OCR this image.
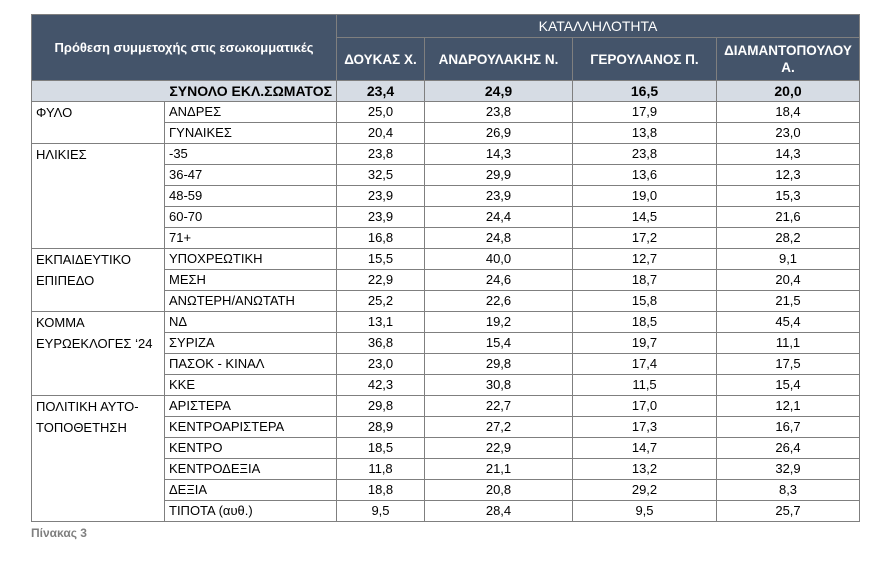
Πρόθεση συμμετοχής στις εσωκομματικές		ΚΑΤΑΛΛΗΛΟΤΗΤΑ			
		ΔΟΥΚΑΣ Χ.	ΑΝΔΡΟΥΛΑΚΗΣ Ν.	ΓΕΡΟΥΛΑΝΟΣ Π.	ΔΙΑΜΑΝΤΟΠΟΥΛΟΥ Α.
ΣΥΝΟΛΟ ΕΚΛ.ΣΩΜΑΤΟΣ		23,4	24,9	16,5	20,0
ΦΥΛΟ	ΑΝΔΡΕΣ	25,0	23,8	17,9	18,4
	ΓΥΝΑΙΚΕΣ	20,4	26,9	13,8	23,0
ΗΛΙΚΙΕΣ	-35	23,8	14,3	23,8	14,3
	36-47	32,5	29,9	13,6	12,3
	48-59	23,9	23,9	19,0	15,3
	60-70	23,9	24,4	14,5	21,6
	71+	16,8	24,8	17,2	28,2
ΕΚΠΑΙΔΕΥΤΙΚΟ ΕΠΙΠΕΔΟ	ΥΠΟΧΡΕΩΤΙΚΗ	15,5	40,0	12,7	9,1
	ΜΕΣΗ	22,9	24,6	18,7	20,4
	ΑΝΩΤΕΡΗ/ΑΝΩΤΑΤΗ	25,2	22,6	15,8	21,5
ΚΟΜΜΑ ΕΥΡΩΕΚΛΟΓΕΣ ‘24	ΝΔ	13,1	19,2	18,5	45,4
	ΣΥΡΙΖΑ	36,8	15,4	19,7	11,1
	ΠΑΣΟΚ - ΚΙΝΑΛ	23,0	29,8	17,4	17,5
	ΚΚΕ	42,3	30,8	11,5	15,4
ΠΟΛΙΤΙΚΗ ΑΥΤΟ-ΤΟΠΟΘΕΤΗΣΗ	ΑΡΙΣΤΕΡΑ	29,8	22,7	17,0	12,1
	ΚΕΝΤΡΟΑΡΙΣΤΕΡΑ	28,9	27,2	17,3	16,7
	ΚΕΝΤΡΟ	18,5	22,9	14,7	26,4
	ΚΕΝΤΡΟΔΕΞΙΑ	11,8	21,1	13,2	32,9
	ΔΕΞΙΑ	18,8	20,8	29,2	8,3
	ΤΙΠΟΤΑ (αυθ.)	9,5	28,4	9,5	25,7
Πίνακας 3
